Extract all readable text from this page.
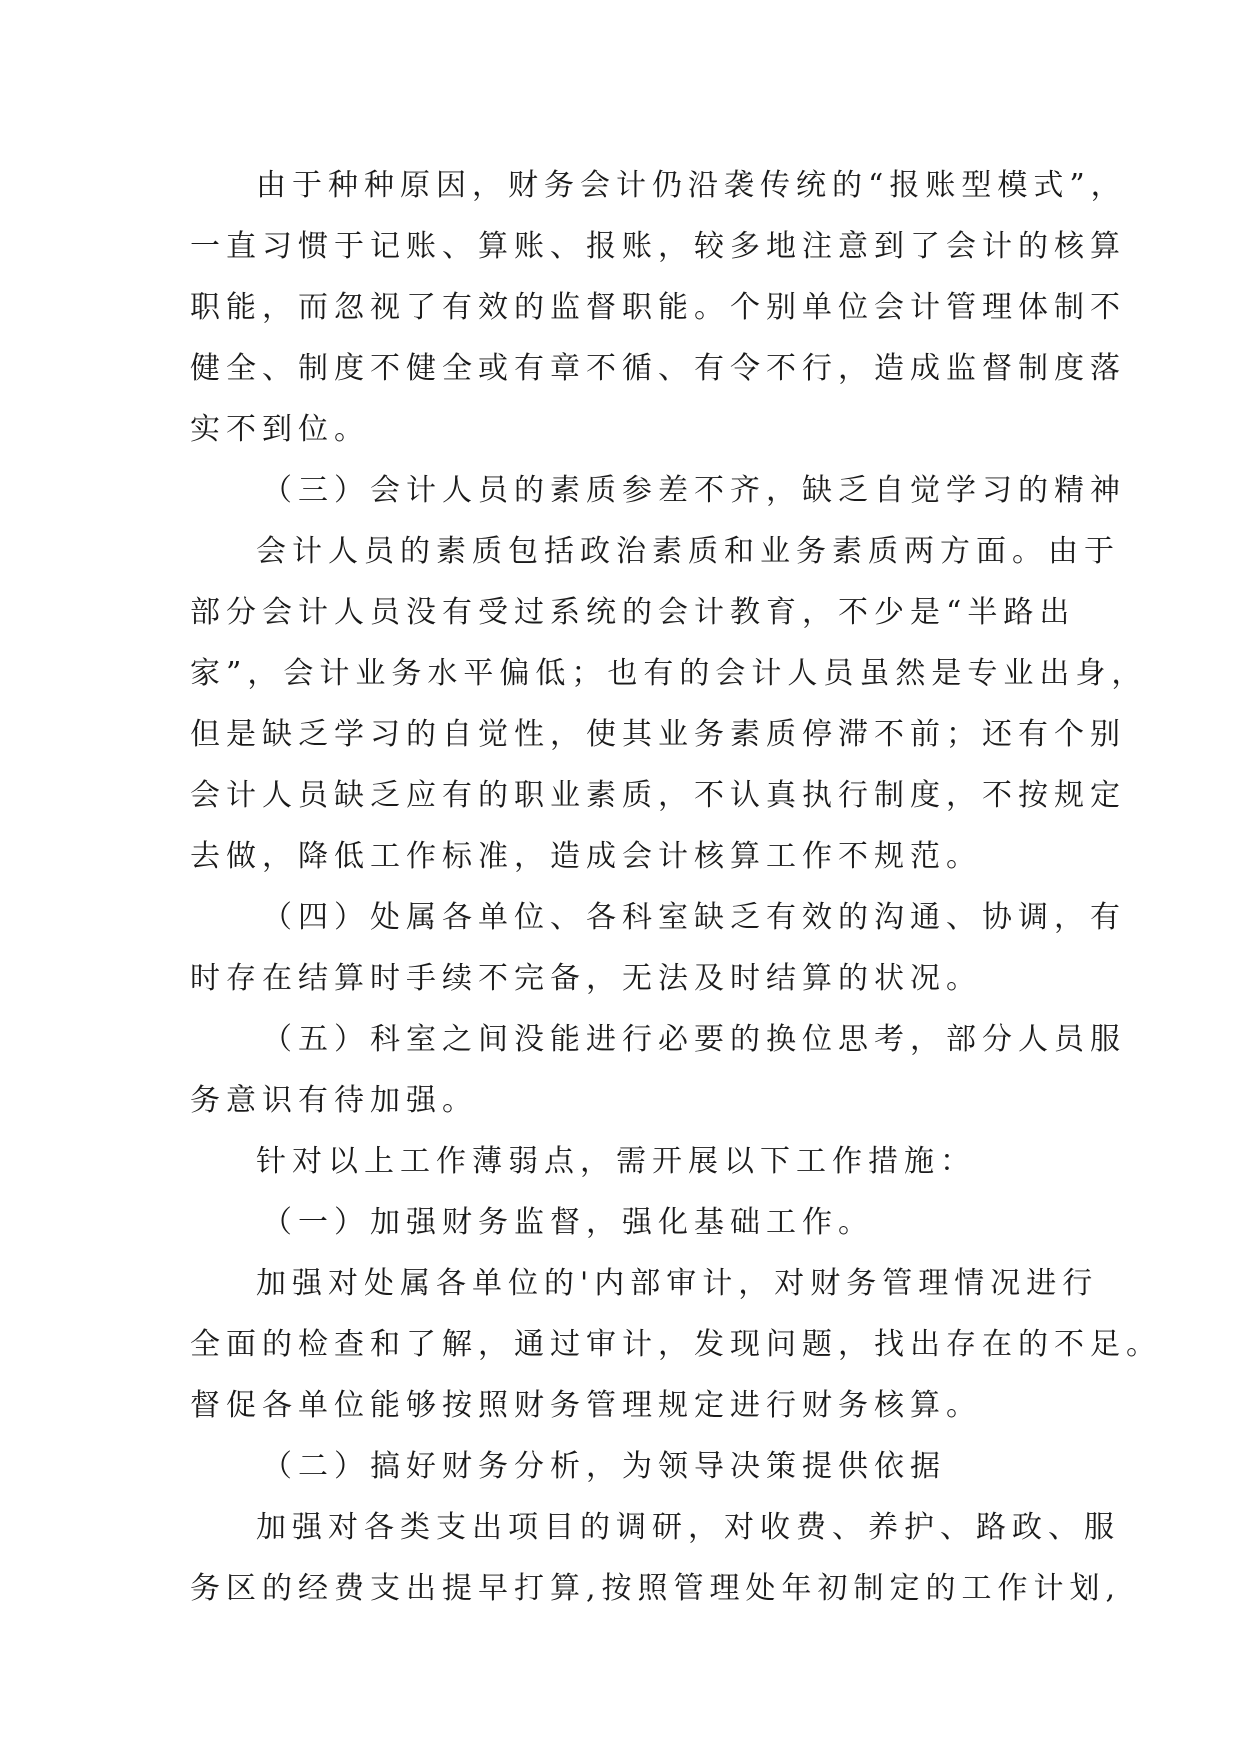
由于种种原因，财务会计仍沿袭传统的“报账型模式”，
一直习惯于记账、算账、报账，较多地注意到了会计的核算
职能，而忽视了有效的监督职能。个别单位会计管理体制不
健全、制度不健全或有章不循、有令不行，造成监督制度落
实不到位。
（三）会计人员的素质参差不齐，缺乏自觉学习的精神
会计人员的素质包括政治素质和业务素质两方面。由于
部分会计人员没有受过系统的会计教育，不少是“半路出
家”，会计业务水平偏低；也有的会计人员虽然是专业出身，
但是缺乏学习的自觉性，使其业务素质停滞不前；还有个别
会计人员缺乏应有的职业素质，不认真执行制度，不按规定
去做，降低工作标准，造成会计核算工作不规范。
（四）处属各单位、各科室缺乏有效的沟通、协调，有
时存在结算时手续不完备，无法及时结算的状况。
（五）科室之间没能进行必要的换位思考，部分人员服
务意识有待加强。
针对以上工作薄弱点，需开展以下工作措施：
（一）加强财务监督，强化基础工作。
加强对处属各单位的'内部审计，对财务管理情况进行
全面的检查和了解，通过审计，发现问题，找出存在的不足。
督促各单位能够按照财务管理规定进行财务核算。
（二）搞好财务分析，为领导决策提供依据
加强对各类支出项目的调研，对收费、养护、路政、服
务区的经费支出提早打算,按照管理处年初制定的工作计划,
